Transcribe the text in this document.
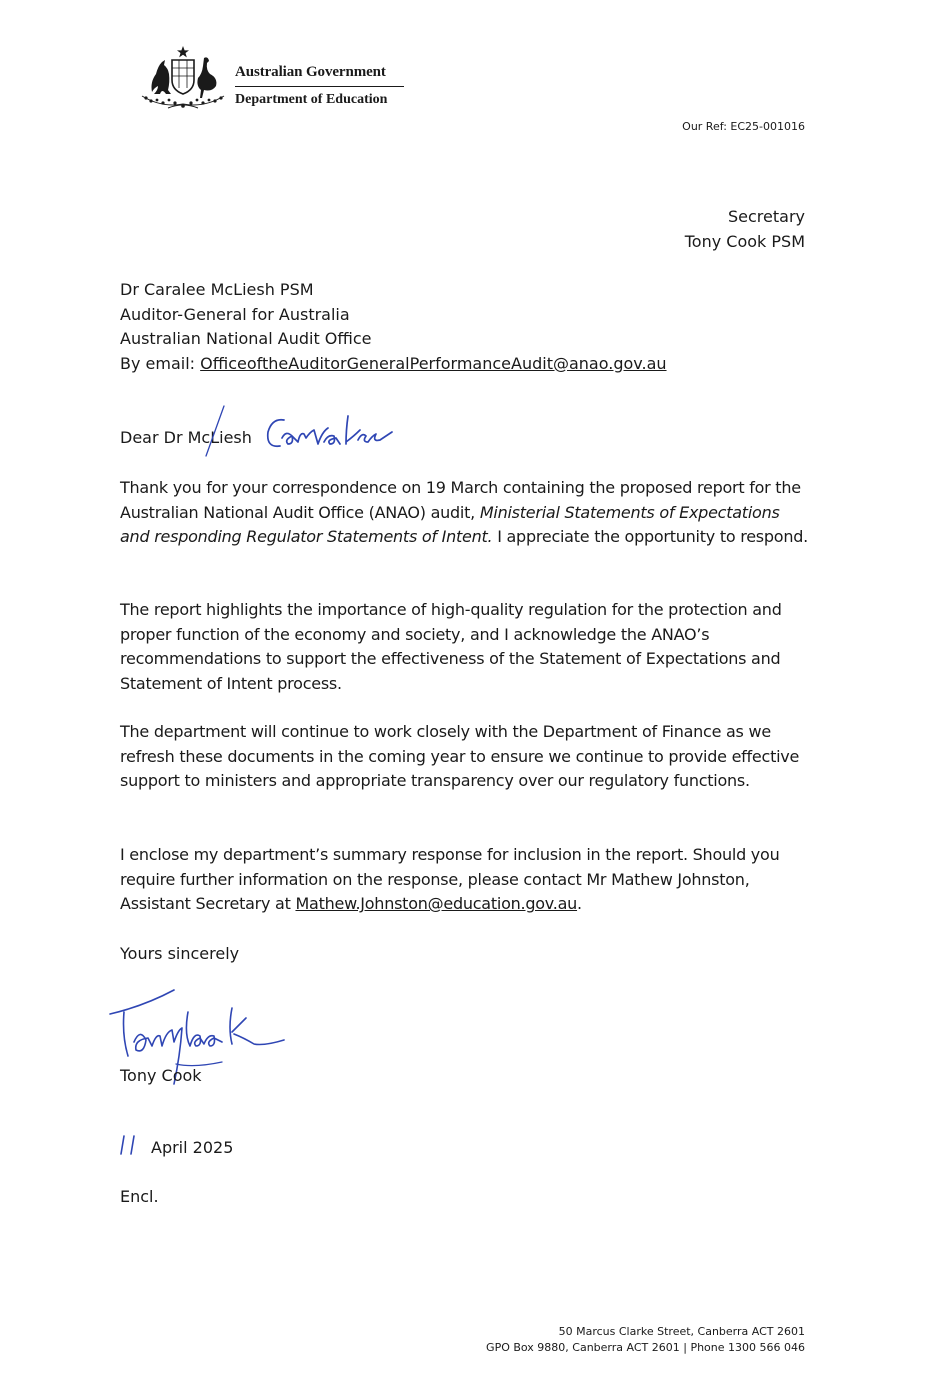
Australian Government
Department of Education
Our Ref: EC25-001016
Secretary
Tony Cook PSM
Dr Caralee McLiesh PSM
Auditor-General for Australia
Australian National Audit Office
By email: OfficeoftheAuditorGeneralPerformanceAudit@anao.gov.au
Dear Dr McLiesh
Thank you for your correspondence on 19 March containing the proposed report for the Australian National Audit Office (ANAO) audit, Ministerial Statements of Expectations and responding Regulator Statements of Intent. I appreciate the opportunity to respond.
The report highlights the importance of high-quality regulation for the protection and proper function of the economy and society, and I acknowledge the ANAO’s recommendations to support the effectiveness of the Statement of Expectations and Statement of Intent process.
The department will continue to work closely with the Department of Finance as we refresh these documents in the coming year to ensure we continue to provide effective support to ministers and appropriate transparency over our regulatory functions.
I enclose my department’s summary response for inclusion in the report. Should you require further information on the response, please contact Mr Mathew Johnston, Assistant Secretary at Mathew.Johnston@education.gov.au.
Yours sincerely
Tony Cook
April 2025
Encl.
50 Marcus Clarke Street, Canberra ACT 2601
GPO Box 9880, Canberra ACT 2601 | Phone 1300 566 046
